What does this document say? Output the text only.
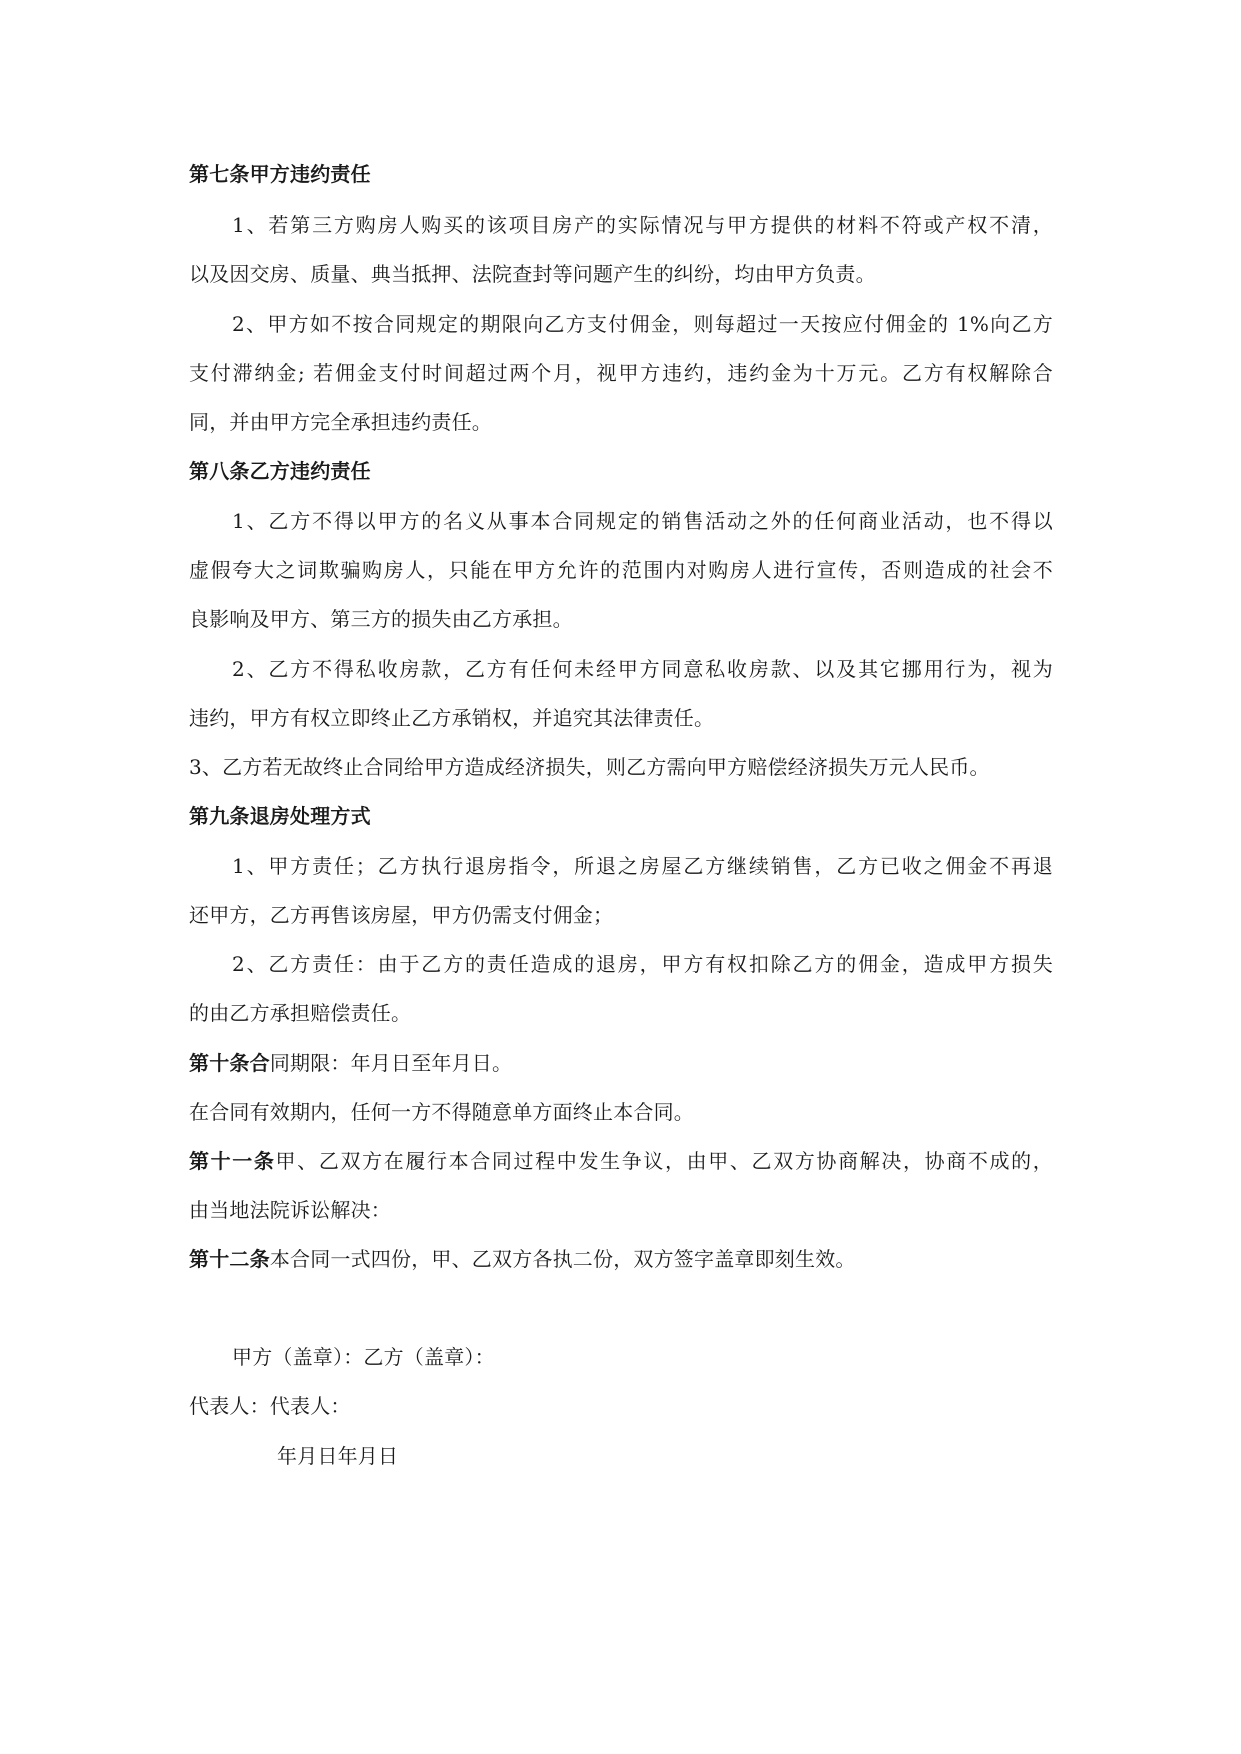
第七条甲方违约责任
1、若第三方购房人购买的该项目房产的实际情况与甲方提供的材料不符或产权不清，
以及因交房、质量、典当抵押、法院查封等问题产生的纠纷，均由甲方负责。
2、甲方如不按合同规定的期限向乙方支付佣金，则每超过一天按应付佣金的 1%向乙方
支付滞纳金; 若佣金支付时间超过两个月，视甲方违约，违约金为十万元。乙方有权解除合
同，并由甲方完全承担违约责任。
第八条乙方违约责任
1、乙方不得以甲方的名义从事本合同规定的销售活动之外的任何商业活动，也不得以
虚假夸大之词欺骗购房人，只能在甲方允许的范围内对购房人进行宣传，否则造成的社会不
良影响及甲方、第三方的损失由乙方承担。
2、乙方不得私收房款，乙方有任何未经甲方同意私收房款、以及其它挪用行为，视为
违约，甲方有权立即终止乙方承销权，并追究其法律责任。
3、乙方若无故终止合同给甲方造成经济损失，则乙方需向甲方赔偿经济损失万元人民币。
第九条退房处理方式
1、甲方责任；乙方执行退房指令，所退之房屋乙方继续销售，乙方已收之佣金不再退
还甲方，乙方再售该房屋，甲方仍需支付佣金；
2、乙方责任：由于乙方的责任造成的退房，甲方有权扣除乙方的佣金，造成甲方损失
的由乙方承担赔偿责任。
第十条合同期限：年月日至年月日。
在合同有效期内，任何一方不得随意单方面终止本合同。
第十一条甲、乙双方在履行本合同过程中发生争议，由甲、乙双方协商解决，协商不成的，
由当地法院诉讼解决：
第十二条本合同一式四份，甲、乙双方各执二份，双方签字盖章即刻生效。
甲方（盖章）：乙方（盖章）：
代表人：代表人：
年月日年月日
